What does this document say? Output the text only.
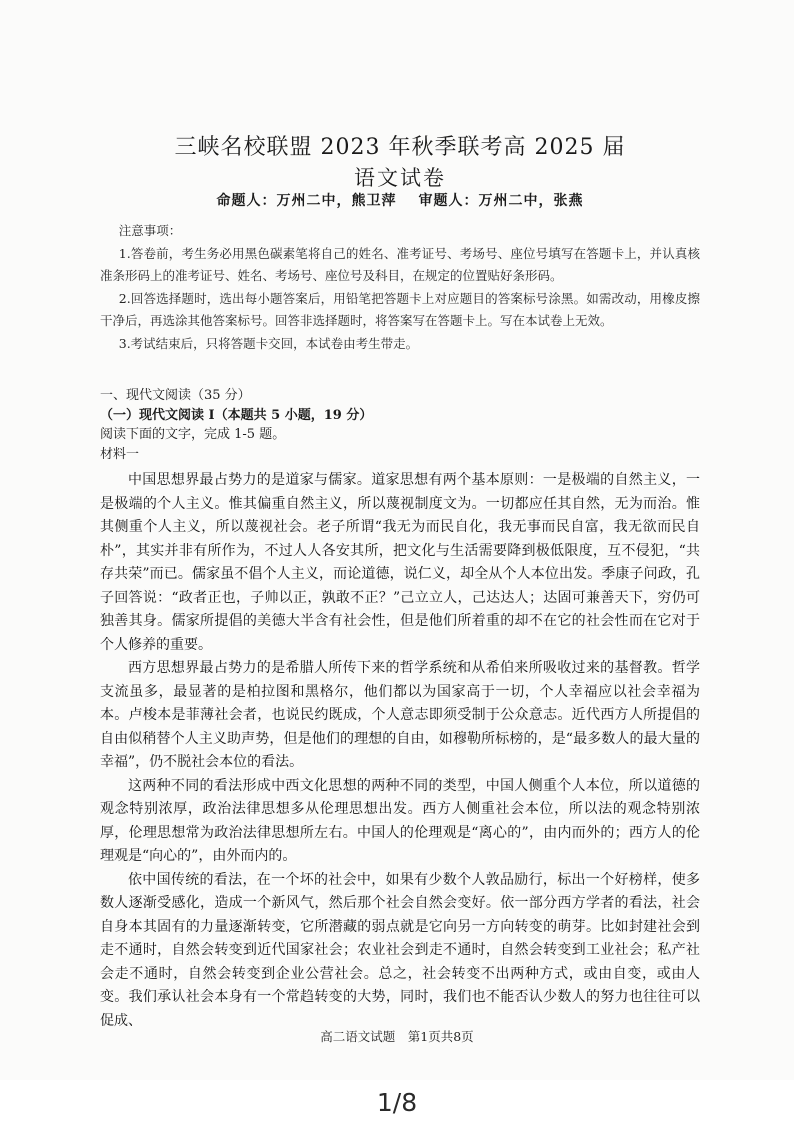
三峡名校联盟 2023 年秋季联考高 2025 届
语文试卷
命题人：万州二中，熊卫萍 审题人：万州二中，张燕

注意事项：

1.答卷前，考生务必用黑色碳素笔将自己的姓名、准考证号、考场号、座位号填写在答题卡上，并认真核准条形码上的准考证号、姓名、考场号、座位号及科目，在规定的位置贴好条形码。

2.回答选择题时，选出每小题答案后，用铅笔把答题卡上对应题目的答案标号涂黑。如需改动，用橡皮擦干净后，再选涂其他答案标号。回答非选择题时，将答案写在答题卡上。写在本试卷上无效。

3.考试结束后，只将答题卡交回，本试卷由考生带走。

一、现代文阅读（35 分）

（一）现代文阅读 I（本题共 5 小题，19 分）

阅读下面的文字，完成 1-5 题。

材料一

中国思想界最占势力的是道家与儒家。道家思想有两个基本原则：一是极端的自然主义，一是极端的个人主义。惟其偏重自然主义，所以蔑视制度文为。一切都应任其自然，无为而治。惟其侧重个人主义，所以蔑视社会。老子所谓“我无为而民自化，我无事而民自富，我无欲而民自朴”，其实并非有所作为，不过人人各安其所，把文化与生活需要降到极低限度，互不侵犯，“共存共荣”而已。儒家虽不倡个人主义，而论道德，说仁义，却全从个人本位出发。季康子问政，孔子回答说：“政者正也，子帅以正，孰敢不正？”己立立人，己达达人；达固可兼善天下，穷仍可独善其身。儒家所提倡的美德大半含有社会性，但是他们所着重的却不在它的社会性而在它对于个人修养的重要。

西方思想界最占势力的是希腊人所传下来的哲学系统和从希伯来所吸收过来的基督教。哲学支流虽多，最显著的是柏拉图和黑格尔，他们都以为国家高于一切，个人幸福应以社会幸福为本。卢梭本是菲薄社会者，也说民约既成，个人意志即须受制于公众意志。近代西方人所提倡的自由似稍替个人主义助声势，但是他们的理想的自由，如穆勒所标榜的，是“最多数人的最大量的幸福”，仍不脱社会本位的看法。

这两种不同的看法形成中西文化思想的两种不同的类型，中国人侧重个人本位，所以道德的观念特别浓厚，政治法律思想多从伦理思想出发。西方人侧重社会本位，所以法的观念特别浓厚，伦理思想常为政治法律思想所左右。中国人的伦理观是“离心的”，由内而外的；西方人的伦理观是“向心的”，由外而内的。

依中国传统的看法，在一个坏的社会中，如果有少数个人敦品励行，标出一个好榜样，使多数人逐渐受感化，造成一个新风气，然后那个社会自然会变好。依一部分西方学者的看法，社会自身本其固有的力量逐渐转变，它所潜藏的弱点就是它向另一方向转变的萌芽。比如封建社会到走不通时，自然会转变到近代国家社会；农业社会到走不通时，自然会转变到工业社会；私产社会走不通时，自然会转变到企业公营社会。总之，社会转变不出两种方式，或由自变，或由人变。我们承认社会本身有一个常趋转变的大势，同时，我们也不能否认少数人的努力也往往可以促成、

高二语文试题　第1页共8页
1/8
